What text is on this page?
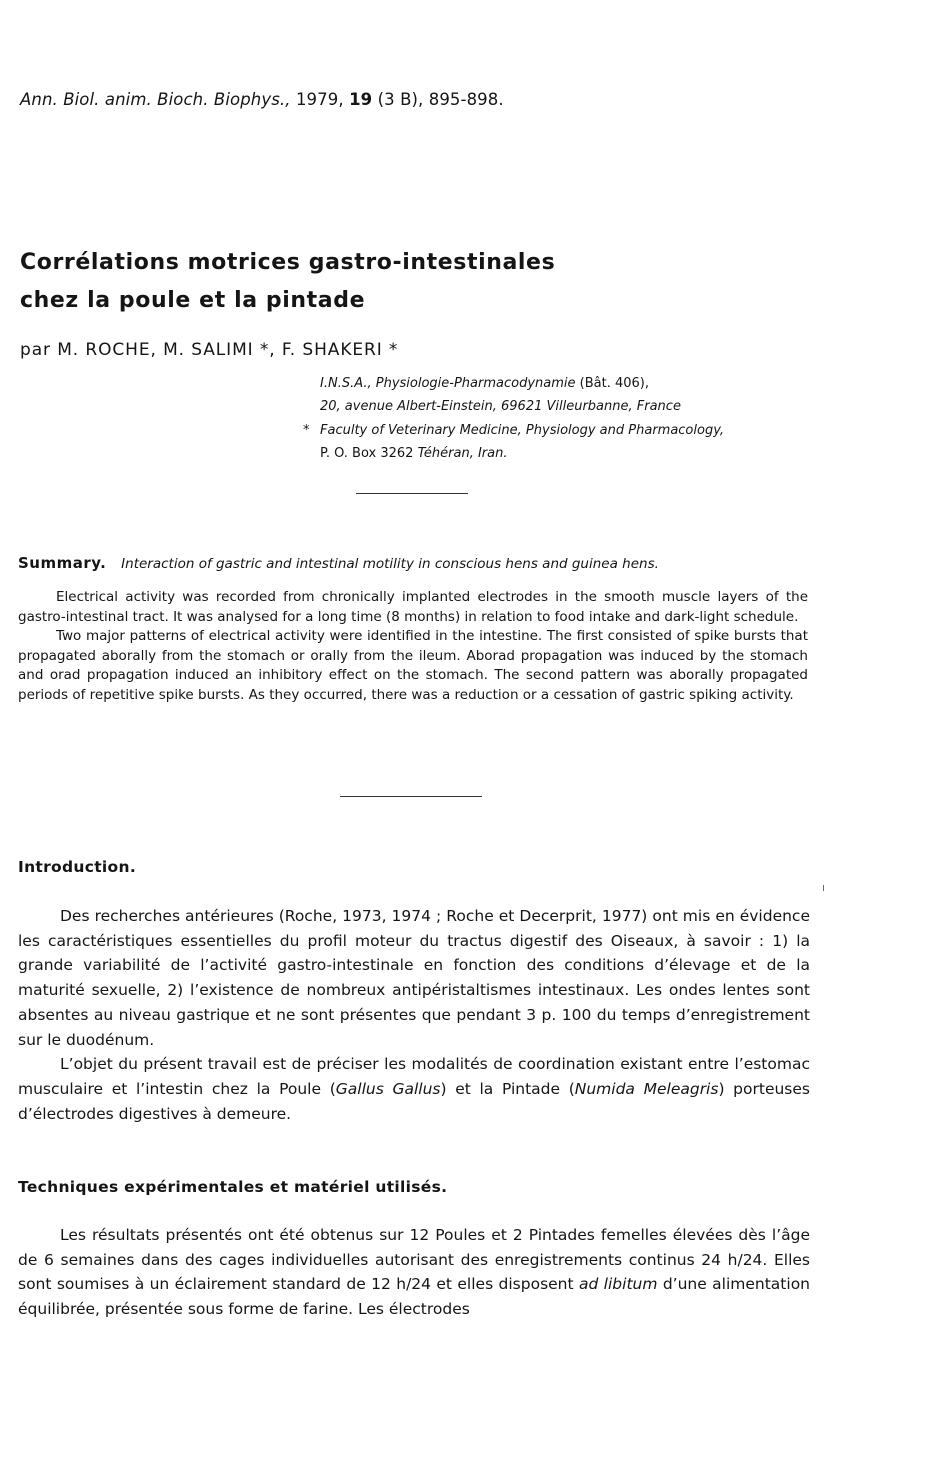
Ann. Biol. anim. Bioch. Biophys., 1979, 19 (3 B), 895-898.
Corrélations motrices gastro-intestinales
chez la poule et la pintade
par M. ROCHE, M. SALIMI *, F. SHAKERI *
I.N.S.A., Physiologie-Pharmacodynamie (Bât. 406),
20, avenue Albert-Einstein, 69621 Villeurbanne, France
* Faculty of Veterinary Medicine, Physiology and Pharmacology,
P. O. Box 3262 Téhéran, Iran.
Summary. Interaction of gastric and intestinal motility in conscious hens and guinea hens.

Electrical activity was recorded from chronically implanted electrodes in the smooth muscle layers of the gastro-intestinal tract. It was analysed for a long time (8 months) in relation to food intake and dark-light schedule.

Two major patterns of electrical activity were identified in the intestine. The first consisted of spike bursts that propagated aborally from the stomach or orally from the ileum. Aborad propagation was induced by the stomach and orad propagation induced an inhibitory effect on the stomach. The second pattern was aborally propagated periods of repetitive spike bursts. As they occurred, there was a reduction or a cessation of gastric spiking activity.

Introduction.

Des recherches antérieures (Roche, 1973, 1974 ; Roche et Decerprit, 1977) ont mis en évidence les caractéristiques essentielles du profil moteur du tractus digestif des Oiseaux, à savoir : 1) la grande variabilité de l’activité gastro-intestinale en fonction des conditions d’élevage et de la maturité sexuelle, 2) l’existence de nombreux antipéristaltismes intestinaux. Les ondes lentes sont absentes au niveau gastrique et ne sont présentes que pendant 3 p. 100 du temps d’enregistrement sur le duodénum.

L’objet du présent travail est de préciser les modalités de coordination existant entre l’estomac musculaire et l’intestin chez la Poule (Gallus Gallus) et la Pintade (Numida Meleagris) porteuses d’électrodes digestives à demeure.

Techniques expérimentales et matériel utilisés.

Les résultats présentés ont été obtenus sur 12 Poules et 2 Pintades femelles élevées dès l’âge de 6 semaines dans des cages individuelles autorisant des enregistrements continus 24 h/24. Elles sont soumises à un éclairement standard de 12 h/24 et elles disposent ad libitum d’une alimentation équilibrée, présentée sous forme de farine. Les électrodes
